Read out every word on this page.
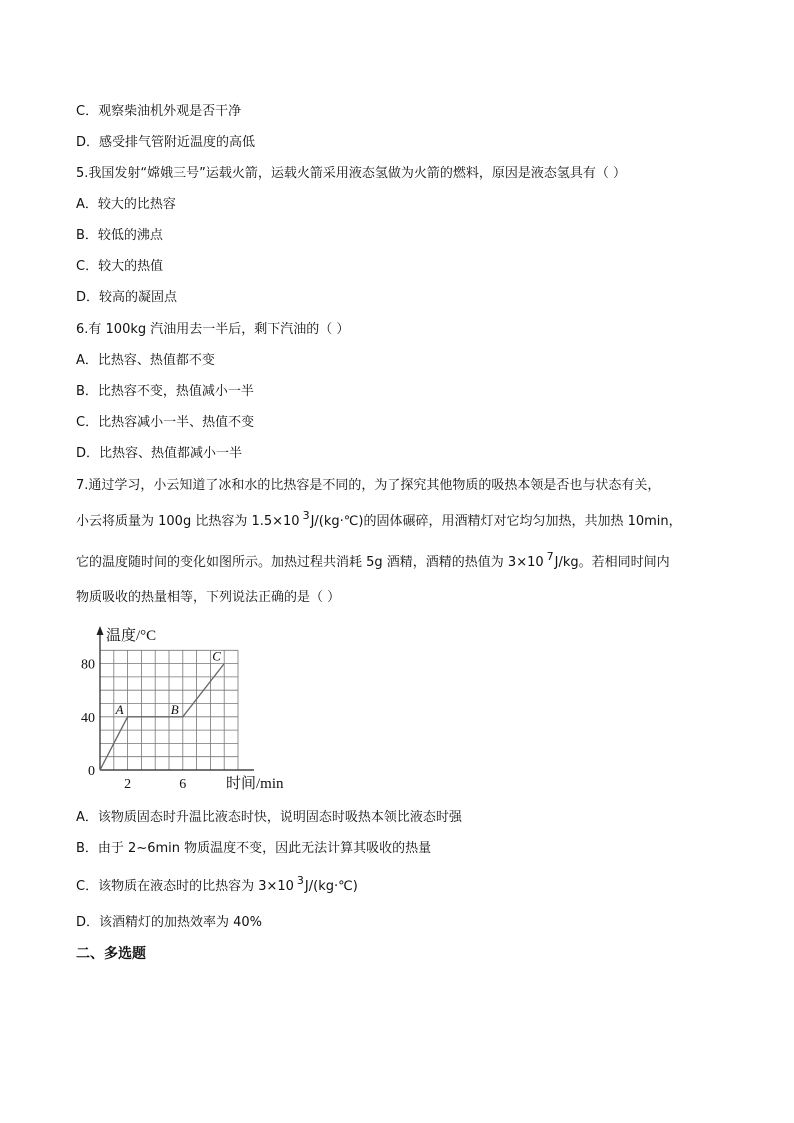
C．观察柴油机外观是否干净
D．感受排气管附近温度的高低
5.我国发射“嫦娥三号”运载火箭，运载火箭采用液态氢做为火箭的燃料，原因是液态氢具有（ ）
A．较大的比热容
B．较低的沸点
C．较大的热值
D．较高的凝固点
6.有 100kg 汽油用去一半后，剩下汽油的（ ）
A．比热容、热值都不变
B．比热容不变，热值减小一半
C．比热容减小一半、热值不变
D．比热容、热值都减小一半
7.通过学习，小云知道了冰和水的比热容是不同的，为了探究其他物质的吸热本领是否也与状态有关，
小云将质量为 100g 比热容为 1.5×10 $^3$J/(kg·℃)的固体碾碎，用酒精灯对它均匀加热，共加热 10min，
它的温度随时间的变化如图所示。加热过程共消耗 5g 酒精，酒精的热值为 3×10 $^7$J/kg。若相同时间内
物质吸收的热量相等，下列说法正确的是（ ）
温度/°C
时间/min
0
40
80
2	6
A	B
C
A．该物质固态时升温比液态时快，说明固态时吸热本领比液态时强
B．由于 2~6min 物质温度不变，因此无法计算其吸收的热量
C．该物质在液态时的比热容为 3×10 $^3$J/(kg·℃)
D．该酒精灯的加热效率为 40%
二、多选题
